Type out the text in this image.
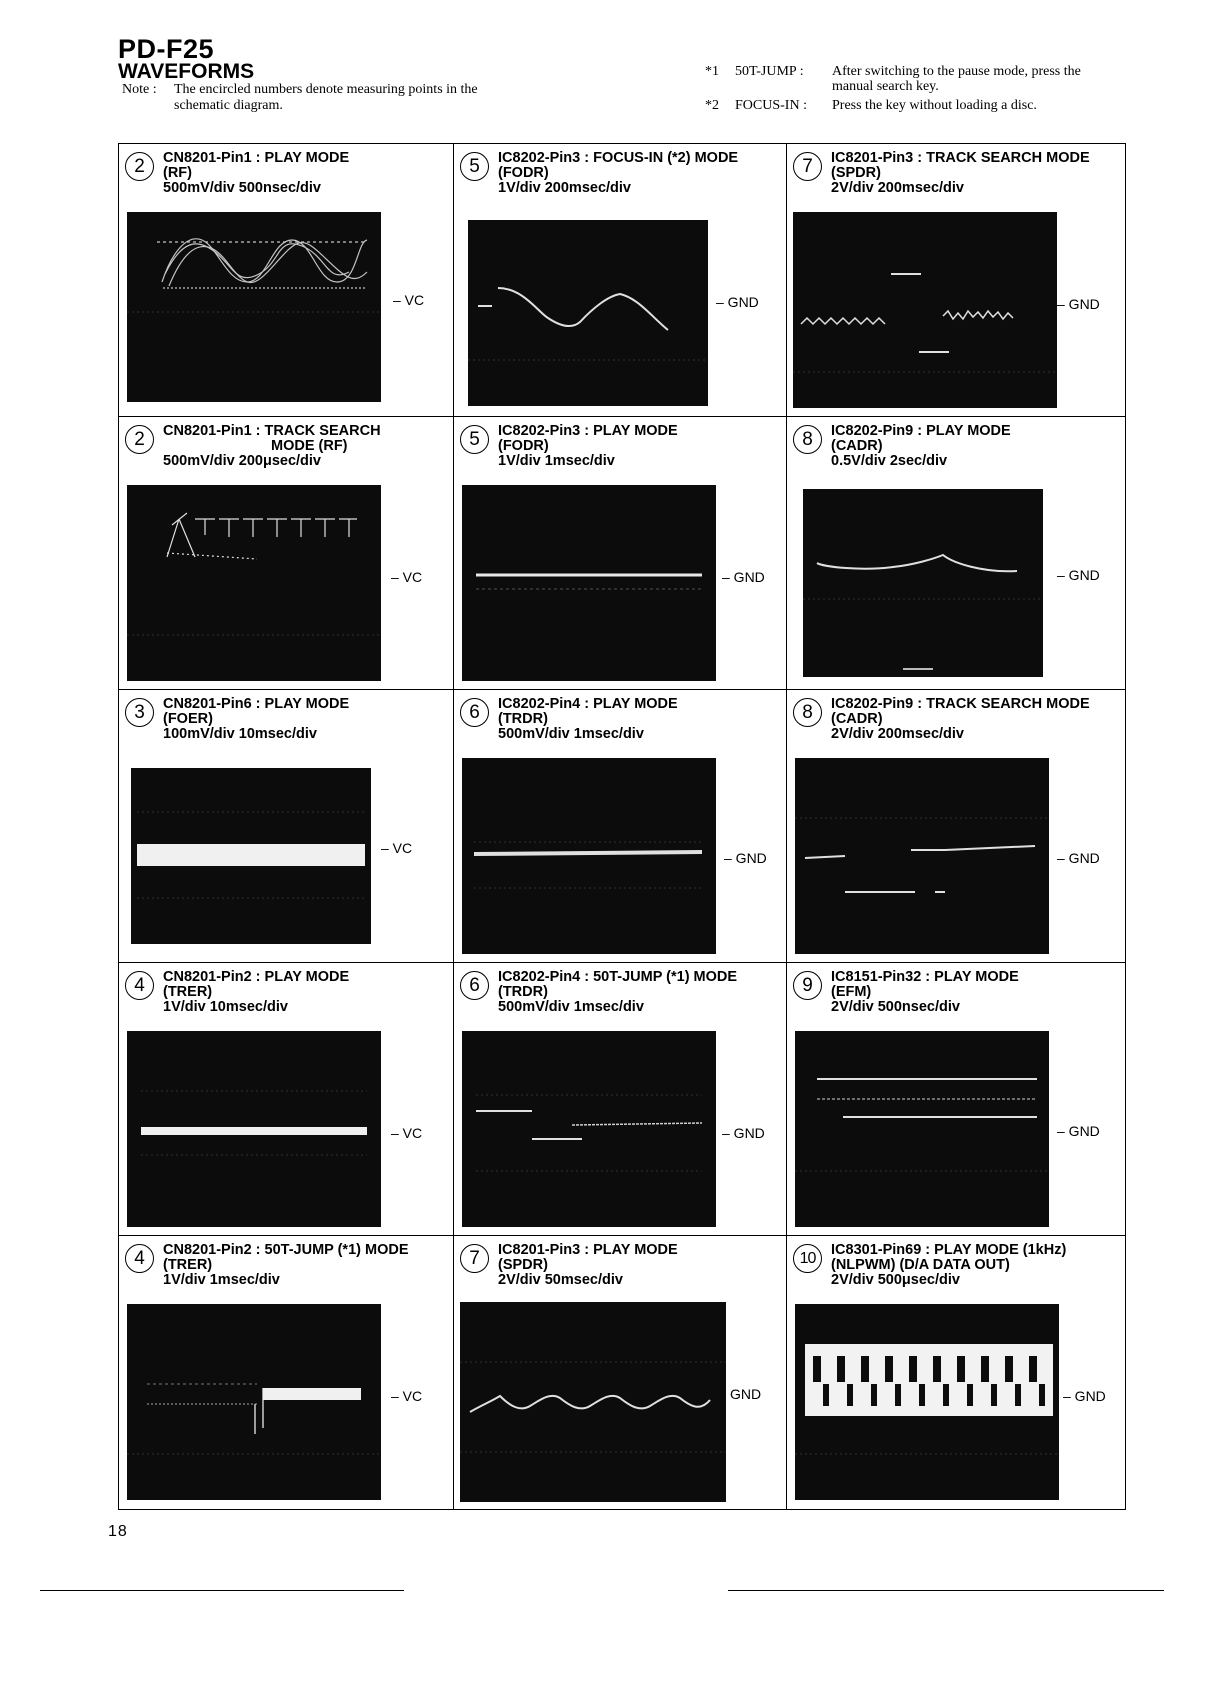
PD-F25
WAVEFORMS
Note : The encircled numbers denote measuring points in the
schematic diagram.
*1 50T-JUMP : After switching to the pause mode, press the
manual search key.
*2 FOCUS-IN : Press the key without loading a disc.
2	CN8201-Pin1 : PLAY MODE
(RF)
500mV/div 500nsec/div
– VC
5	IC8202-Pin3 : FOCUS-IN (*2) MODE
(FODR)
1V/div 200msec/div
– GND
7	IC8201-Pin3 : TRACK SEARCH MODE
(SPDR)
2V/div 200msec/div
– GND
2	CN8201-Pin1 : TRACK SEARCH
MODE (RF)
500mV/div 200μsec/div
– VC
5	IC8202-Pin3 : PLAY MODE
(FODR)
1V/div 1msec/div
– GND
8	IC8202-Pin9 : PLAY MODE
(CADR)
0.5V/div 2sec/div
– GND
3	CN8201-Pin6 : PLAY MODE
(FOER)
100mV/div 10msec/div
– VC
6	IC8202-Pin4 : PLAY MODE
(TRDR)
500mV/div 1msec/div
– GND
8	IC8202-Pin9 : TRACK SEARCH MODE
(CADR)
2V/div 200msec/div
– GND
4	CN8201-Pin2 : PLAY MODE
(TRER)
1V/div 10msec/div
– VC
6	IC8202-Pin4 : 50T-JUMP (*1) MODE
(TRDR)
500mV/div 1msec/div
– GND
9	IC8151-Pin32 : PLAY MODE
(EFM)
2V/div 500nsec/div
– GND
4	CN8201-Pin2 : 50T-JUMP (*1) MODE
(TRER)
1V/div 1msec/div
– VC
7	IC8201-Pin3 : PLAY MODE
(SPDR)
2V/div 50msec/div
GND
10	IC8301-Pin69 : PLAY MODE (1kHz)
(NLPWM) (D/A DATA OUT)
2V/div 500μsec/div
– GND
18
